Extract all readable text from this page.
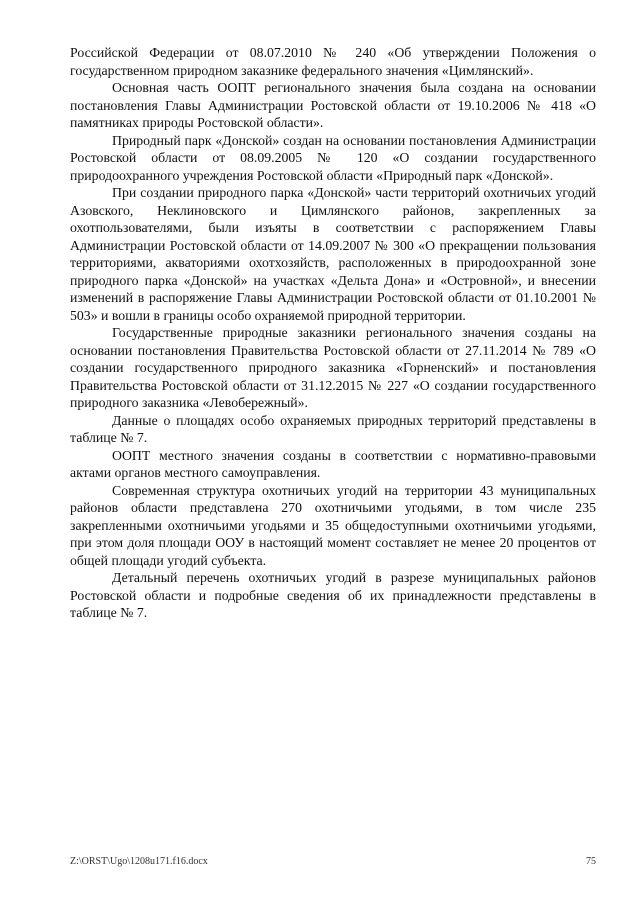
Российской Федерации от 08.07.2010 № 240 «Об утверждении Положения о государственном природном заказнике федерального значения «Цимлянский».

Основная часть ООПТ регионального значения была создана на основании постановления Главы Администрации Ростовской области от 19.10.2006 № 418 «О памятниках природы Ростовской области».

Природный парк «Донской» создан на основании постановления Администрации Ростовской области от 08.09.2005 № 120 «О создании государственного природоохранного учреждения Ростовской области «Природный парк «Донской».

При создании природного парка «Донской» части территорий охотничьих угодий Азовского, Неклиновского и Цимлянского районов, закрепленных за охотпользователями, были изъяты в соответствии с распоряжением Главы Администрации Ростовской области от 14.09.2007 № 300 «О прекращении пользования территориями, акваториями охотхозяйств, расположенных в природоохранной зоне природного парка «Донской» на участках «Дельта Дона» и «Островной», и внесении изменений в распоряжение Главы Администрации Ростовской области от 01.10.2001 № 503» и вошли в границы особо охраняемой природной территории.

Государственные природные заказники регионального значения созданы на основании постановления Правительства Ростовской области от 27.11.2014 № 789 «О создании государственного природного заказника «Горненский» и постановления Правительства Ростовской области от 31.12.2015 № 227 «О создании государственного природного заказника «Левобережный».

Данные о площадях особо охраняемых природных территорий представлены в таблице № 7.

ООПТ местного значения созданы в соответствии с нормативно-правовыми актами органов местного самоуправления.

Современная структура охотничьих угодий на территории 43 муниципальных районов области представлена 270 охотничьими угодьями, в том числе 235 закрепленными охотничьими угодьями и 35 общедоступными охотничьими угодьями, при этом доля площади ООУ в настоящий момент составляет не менее 20 процентов от общей площади угодий субъекта.

Детальный перечень охотничьих угодий в разрезе муниципальных районов Ростовской области и подробные сведения об их принадлежности представлены в таблице № 7.

Z:\ORST\Ugo\1208u171.f16.docx	75
